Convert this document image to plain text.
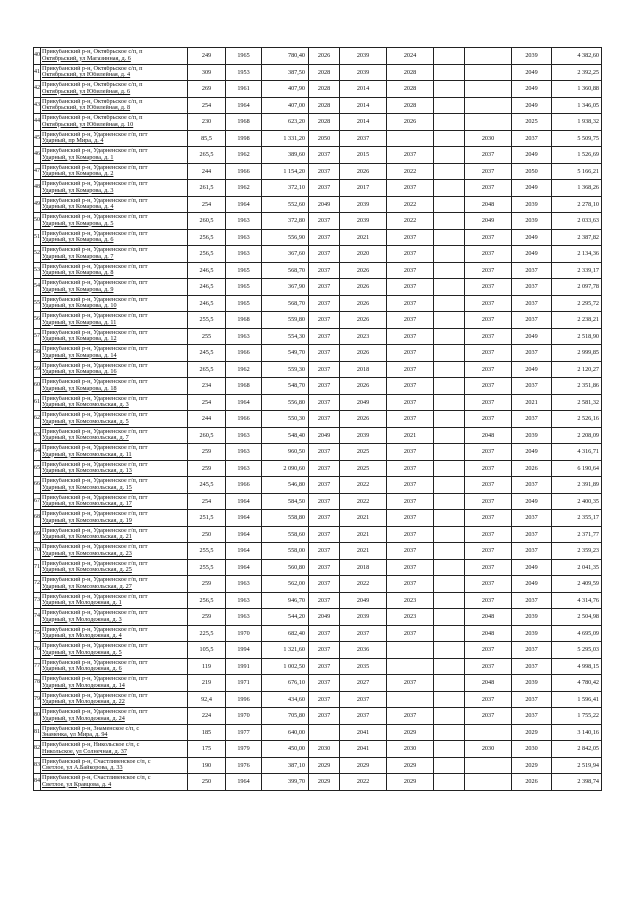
40	Прикубанский р-н, Октябрьское с/п, п
Октябрьский, ул Магазинная, д. 6	249	1965	780,40	2026	2039	2024			2039	4 382,60
41	Прикубанский р-н, Октябрьское с/п, п
Октябрьский, ул Юбилейная, д. 4	309	1953	387,50	2028	2039	2028			2049	2 392,25
42	Прикубанский р-н, Октябрьское с/п, п
Октябрьский, ул Юбилейная, д. 6	269	1961	407,90	2028	2014	2028			2049	1 360,88
43	Прикубанский р-н, Октябрьское с/п, п
Октябрьский, ул Юбилейная, д. 8	254	1964	407,00	2028	2014	2028			2049	1 346,05
44	Прикубанский р-н, Октябрьское с/п, п
Октябрьский, ул Юбилейная, д. 10	230	1968	623,20	2028	2014	2026			2025	1 938,32
45	Прикубанский р-н, Ударненское г/п, пгт
Ударный, пр Мира, д. 4	85,5	1998	1 331,20	2050	2037			2030	2037	5 509,75
46	Прикубанский р-н, Ударненское г/п, пгт
Ударный, ул Комарова, д. 1	265,5	1962	389,60	2037	2015	2037		2037	2049	1 526,69
47	Прикубанский р-н, Ударненское г/п, пгт
Ударный, ул Комарова, д. 2	244	1966	1 154,20	2037	2026	2022		2037	2050	5 166,21
48	Прикубанский р-н, Ударненское г/п, пгт
Ударный, ул Комарова, д. 3	261,5	1962	372,10	2037	2017	2037		2037	2049	1 368,26
49	Прикубанский р-н, Ударненское г/п, пгт
Ударный, ул Комарова, д. 4	254	1964	552,60	2049	2039	2022		2048	2039	2 278,10
50	Прикубанский р-н, Ударненское г/п, пгт
Ударный, ул Комарова, д. 5	260,5	1963	372,80	2037	2039	2022		2049	2039	2 033,63
51	Прикубанский р-н, Ударненское г/п, пгт
Ударный, ул Комарова, д. 6	256,5	1963	556,90	2037	2021	2037		2037	2049	2 387,82
52	Прикубанский р-н, Ударненское г/п, пгт
Ударный, ул Комарова, д. 7	256,5	1963	367,60	2037	2020	2037		2037	2049	2 134,36
53	Прикубанский р-н, Ударненское г/п, пгт
Ударный, ул Комарова, д. 8	246,5	1965	568,70	2037	2026	2037		2037	2037	2 339,17
54	Прикубанский р-н, Ударненское г/п, пгт
Ударный, ул Комарова, д. 9	246,5	1965	367,90	2037	2026	2037		2037	2037	2 097,78
55	Прикубанский р-н, Ударненское г/п, пгт
Ударный, ул Комарова, д. 10	246,5	1965	568,70	2037	2026	2037		2037	2037	2 295,72
56	Прикубанский р-н, Ударненское г/п, пгт
Ударный, ул Комарова, д. 11	255,5	1968	559,80	2037	2026	2037		2037	2037	2 238,21
57	Прикубанский р-н, Ударненское г/п, пгт
Ударный, ул Комарова, д. 12	255	1963	554,30	2037	2023	2037		2037	2049	2 518,90
58	Прикубанский р-н, Ударненское г/п, пгт
Ударный, ул Комарова, д. 14	245,5	1966	549,70	2037	2026	2037		2037	2037	2 999,85
59	Прикубанский р-н, Ударненское г/п, пгт
Ударный, ул Комарова, д. 16	265,5	1962	559,30	2037	2018	2037		2037	2049	2 120,27
60	Прикубанский р-н, Ударненское г/п, пгт
Ударный, ул Комарова, д. 18	234	1968	548,70	2037	2026	2037		2037	2037	2 351,86
61	Прикубанский р-н, Ударненское г/п, пгт
Ударный, ул Комсомольская, д. 3	254	1964	556,80	2037	2049	2037		2037	2021	2 581,32
62	Прикубанский р-н, Ударненское г/п, пгт
Ударный, ул Комсомольская, д. 5	244	1966	550,30	2037	2026	2037		2037	2037	2 526,16
63	Прикубанский р-н, Ударненское г/п, пгт
Ударный, ул Комсомольская, д. 7	260,5	1963	548,40	2049	2039	2021		2048	2039	2 208,09
64	Прикубанский р-н, Ударненское г/п, пгт
Ударный, ул Комсомольская, д. 11	259	1963	960,50	2037	2025	2037		2037	2049	4 316,71
65	Прикубанский р-н, Ударненское г/п, пгт
Ударный, ул Комсомольская, д. 13	259	1963	2 090,60	2037	2025	2037		2037	2026	6 190,64
66	Прикубанский р-н, Ударненское г/п, пгт
Ударный, ул Комсомольская, д. 15	245,5	1966	546,80	2037	2022	2037		2037	2037	2 391,89
67	Прикубанский р-н, Ударненское г/п, пгт
Ударный, ул Комсомольская, д. 17	254	1964	584,50	2037	2022	2037		2037	2049	2 400,35
68	Прикубанский р-н, Ударненское г/п, пгт
Ударный, ул Комсомольская, д. 19	251,5	1964	558,80	2037	2021	2037		2037	2037	2 355,17
69	Прикубанский р-н, Ударненское г/п, пгт
Ударный, ул Комсомольская, д. 21	250	1964	558,60	2037	2021	2037		2037	2037	2 371,77
70	Прикубанский р-н, Ударненское г/п, пгт
Ударный, ул Комсомольская, д. 23	255,5	1964	558,00	2037	2021	2037		2037	2037	2 359,23
71	Прикубанский р-н, Ударненское г/п, пгт
Ударный, ул Комсомольская, д. 25	255,5	1964	560,80	2037	2018	2037		2037	2049	2 041,35
72	Прикубанский р-н, Ударненское г/п, пгт
Ударный, ул Комсомольская, д. 27	259	1963	562,00	2037	2022	2037		2037	2049	2 409,59
73	Прикубанский р-н, Ударненское г/п, пгт
Ударный, ул Молодежная, д. 1	256,5	1963	946,70	2037	2049	2023		2037	2037	4 314,76
74	Прикубанский р-н, Ударненское г/п, пгт
Ударный, ул Молодежная, д. 3	259	1963	544,20	2049	2039	2023		2048	2039	2 504,98
75	Прикубанский р-н, Ударненское г/п, пгт
Ударный, ул Молодежная, д. 4	225,5	1970	682,40	2037	2037	2037		2048	2039	4 695,09
76	Прикубанский р-н, Ударненское г/п, пгт
Ударный, ул Молодежная, д. 5	105,5	1994	1 321,60	2037	2036			2037	2037	5 295,03
77	Прикубанский р-н, Ударненское г/п, пгт
Ударный, ул Молодежная, д. 6	119	1991	1 002,50	2037	2035			2037	2037	4 998,15
78	Прикубанский р-н, Ударненское г/п, пгт
Ударный, ул Молодежная, д. 14	219	1971	676,10	2037	2027	2037		2048	2039	4 780,42
79	Прикубанский р-н, Ударненское г/п, пгт
Ударный, ул Молодежная, д. 22	92,4	1996	434,60	2037	2037			2037	2037	1 596,41
80	Прикубанский р-н, Ударненское г/п, пгт
Ударный, ул Молодежная, д. 24	224	1970	705,80	2037	2037	2037		2037	2037	1 755,22
81	Прикубанский р-н, Знаменское с/п, с
Знаменка, ул Мира, д. 94	185	1977	640,00		2041	2029			2029	3 140,16
82	Прикубанский р-н, Никольское с/п, с
Никольское, ул Солнечная, д. 37	175	1979	450,00	2030	2041	2030		2030	2030	2 842,05
83	Прикубанский р-н, Счастливенское с/п, с
Светлое, ул А.Байкорова, д. 33	190	1976	387,10	2029	2029	2029			2029	2 519,94
84	Прикубанский р-н, Счастливенское с/п, с
Светлое, ул Кравцова, д. 4	250	1964	399,70	2029	2022	2029			2026	2 398,74
